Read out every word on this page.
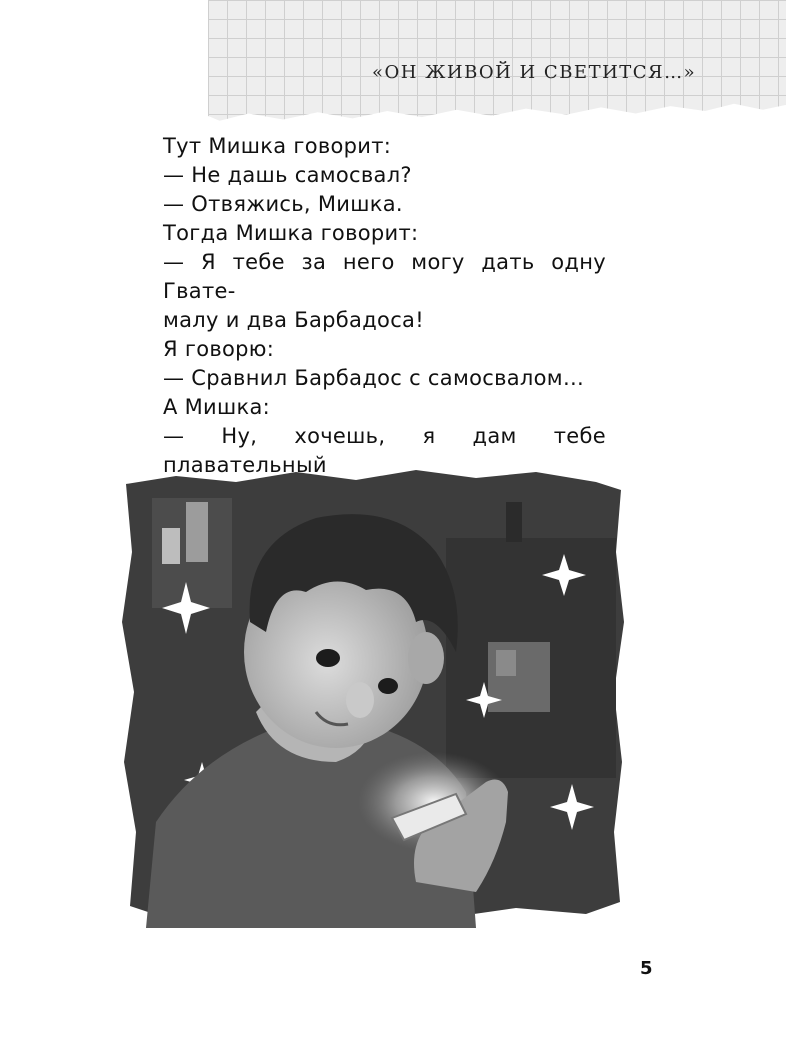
«ОН ЖИВОЙ И СВЕТИТСЯ…»

Тут Мишка говорит:

— Не дашь самосвал?

— Отвяжись, Мишка.

Тогда Мишка говорит:

— Я тебе за него могу дать одну Гвате-

малу и два Барбадоса!

Я говорю:

— Сравнил Барбадос с самосвалом…

А Мишка:

— Ну, хочешь, я дам тебе плавательный

5
